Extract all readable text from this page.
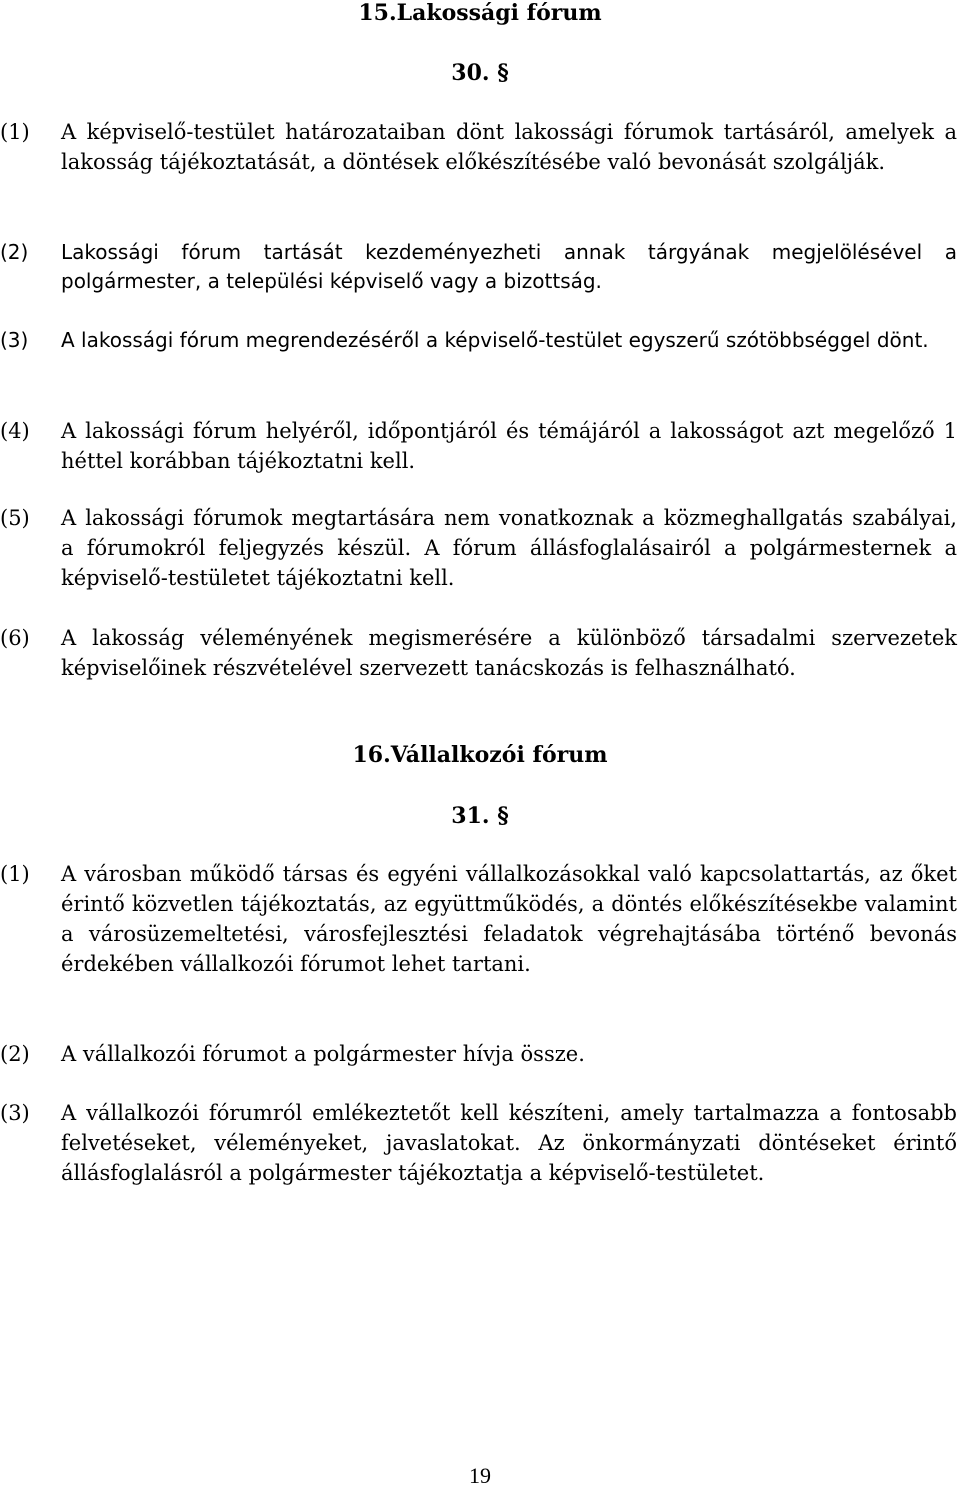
15.Lakossági fórum
30. §
(1)	A képviselő-testület határozataiban dönt lakossági fórumok tartásáról, amelyek a lakosság tájékoztatását, a döntések előkészítésébe való bevonását szolgálják.

(2)	Lakossági fórum tartását kezdeményezheti annak tárgyának megjelölésével a polgármester, a települési képviselő vagy a bizottság.

(3)	A lakossági fórum megrendezéséről a képviselő-testület egyszerű szótöbbséggel dönt.

(4)	A lakossági fórum helyéről, időpontjáról és témájáról a lakosságot azt megelőző 1 héttel korábban tájékoztatni kell.

(5)	A lakossági fórumok megtartására nem vonatkoznak a közmeghallgatás szabályai, a fórumokról feljegyzés készül. A fórum állásfoglalásairól a polgármesternek a képviselő-testületet tájékoztatni kell.

(6)	A lakosság véleményének megismerésére a különböző társadalmi szervezetek képviselőinek részvételével szervezett tanácskozás is felhasználható.

16.Vállalkozói fórum
31. §
(1)	A városban működő társas és egyéni vállalkozásokkal való kapcsolattartás, az őket érintő közvetlen tájékoztatás, az együttműködés, a döntés előkészítésekbe valamint a városüzemeltetési, városfejlesztési feladatok végrehajtásába történő bevonás érdekében vállalkozói fórumot lehet tartani.

(2)	A vállalkozói fórumot a polgármester hívja össze.

(3)	A vállalkozói fórumról emlékeztetőt kell készíteni, amely tartalmazza a fontosabb felvetéseket, véleményeket, javaslatokat. Az önkormányzati döntéseket érintő állásfoglalásról a polgármester tájékoztatja a képviselő-testületet.

19
